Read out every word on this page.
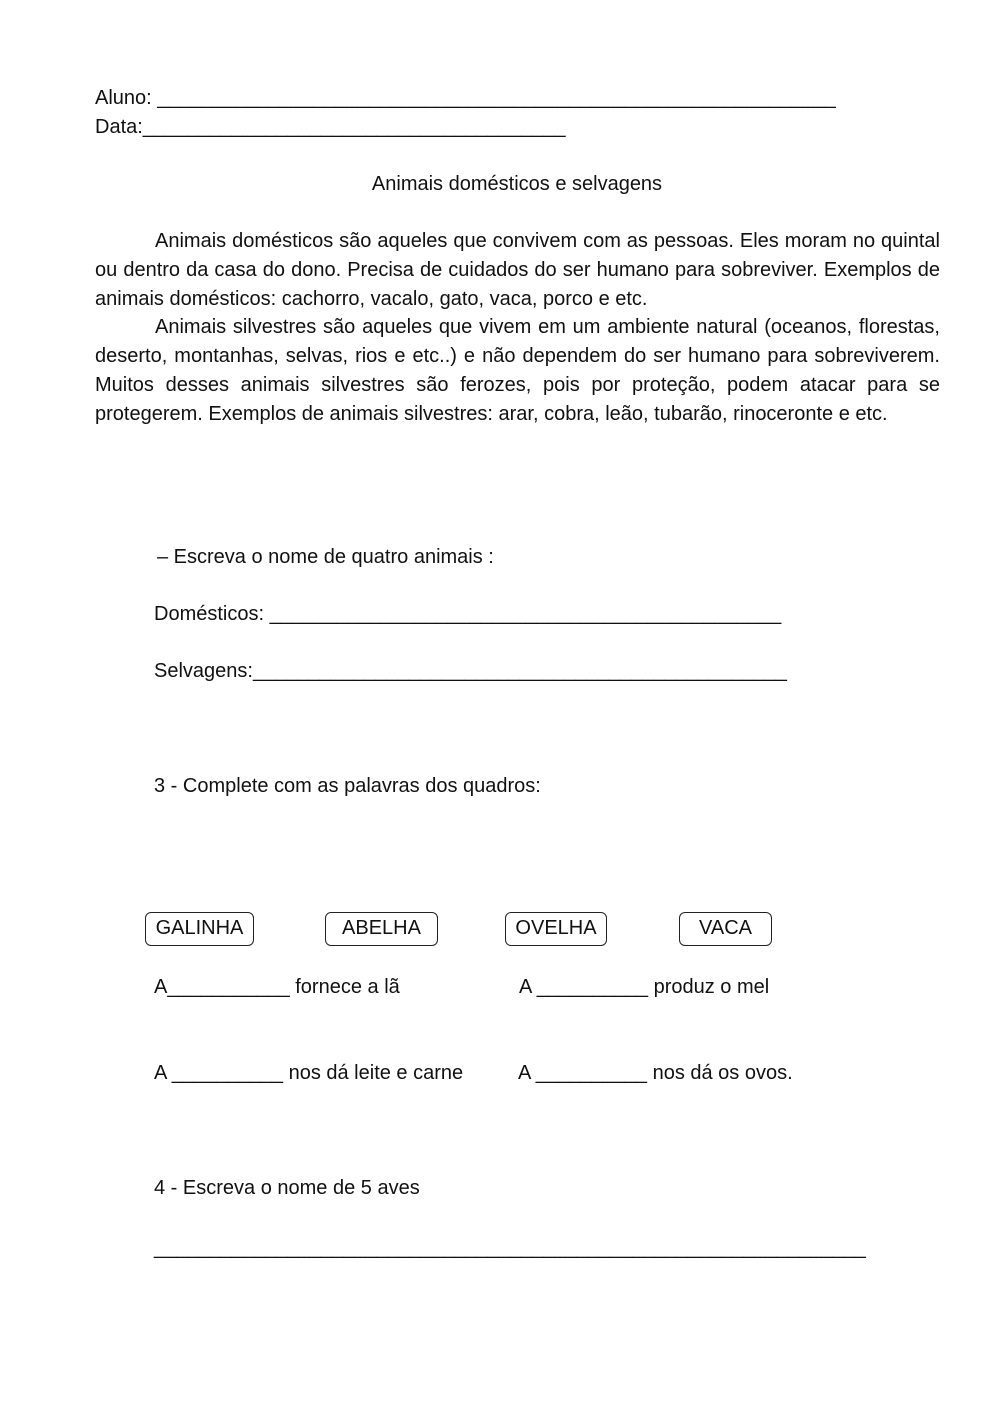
Aluno: _____________________________________________________________
Data:______________________________________
Animais domésticos e selvagens

Animais domésticos são aqueles que convivem com as pessoas. Eles moram no quintal ou dentro da casa do dono. Precisa de cuidados do ser humano para sobreviver. Exemplos de animais domésticos: cachorro, vacalo, gato, vaca, porco e etc.

Animais silvestres são aqueles que vivem em um ambiente natural (oceanos, florestas, deserto, montanhas, selvas, rios e etc..) e não dependem do ser humano para sobreviverem. Muitos desses animais silvestres são ferozes, pois por proteção, podem atacar para se protegerem. Exemplos de animais silvestres: arar, cobra, leão, tubarão, rinoceronte e etc.

– Escreva o nome de quatro animais :
Domésticos: ______________________________________________
Selvagens:________________________________________________
3 - Complete com as palavras dos quadros:
GALINHA	ABELHA	OVELHA	VACA
A___________ fornece a lã	A __________ produz o mel
A __________ nos dá leite e carne	A __________ nos dá os ovos.
4 - Escreva o nome de 5 aves
________________________________________________________________
